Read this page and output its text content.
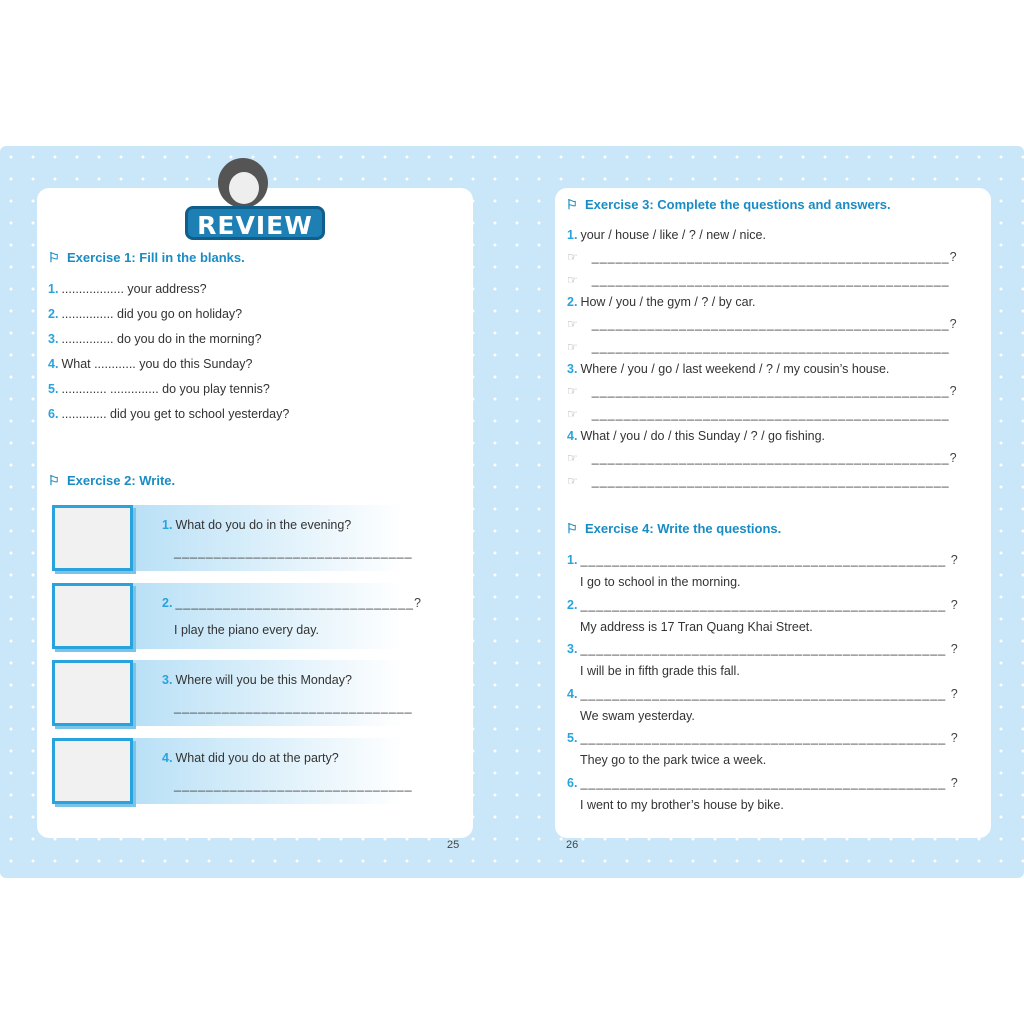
REVIEW 1
⚐ Exercise 1: Fill in the blanks.
1. .................. your address?
2. ............... did you go on holiday?
3. ............... do you do in the morning?
4. What ............ you do this Sunday?
5. ............. .............. do you play tennis?
6. ............. did you get to school yesterday?
⚐ Exercise 2: Write.
1. What do you do in the evening?
______________________________
2. ______________________________?
I play the piano every day.
3. Where will you be this Monday?
______________________________
4. What did you do at the party?
______________________________
⚐ Exercise 3: Complete the questions and answers.
1. your / house / like / ? / new / nice.
☞ _____________________________________________?
☞ _____________________________________________
2. How / you / the gym / ? / by car.
☞ _____________________________________________?
☞ _____________________________________________
3. Where / you / go / last weekend / ? / my cousin’s house.
☞ _____________________________________________?
☞ _____________________________________________
4. What / you / do / this Sunday / ? / go fishing.
☞ _____________________________________________?
☞ _____________________________________________
⚐ Exercise 4: Write the questions.
1. ______________________________________________ ?
I go to school in the morning.
2. ______________________________________________ ?
My address is 17 Tran Quang Khai Street.
3. ______________________________________________ ?
I will be in fifth grade this fall.
4. ______________________________________________ ?
We swam yesterday.
5. ______________________________________________ ?
They go to the park twice a week.
6. ______________________________________________ ?
I went to my brother’s house by bike.
25	26
